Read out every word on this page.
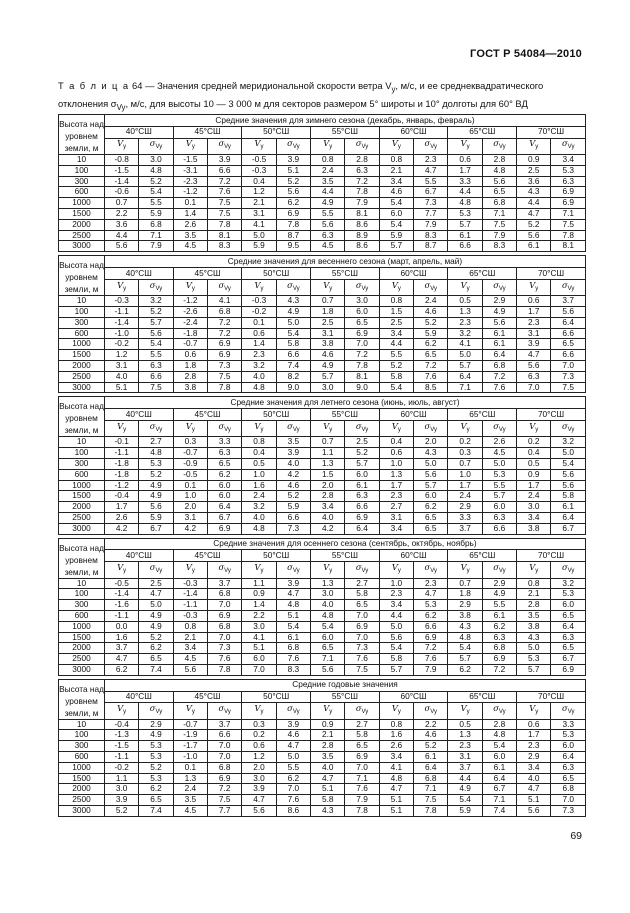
ГОСТ Р 54084—2010
Т а б л и ц а 64 — Значения средней меридиональной скорости ветра $V_y$, м/с, и ее среднеквадратического отклонения $\sigma_{Vy}$, м/с, для высоты 10 — 3 000 м для секторов размером 5° широты и 10° долготы для 60° ВД
Высота над уровнем земли, м	Средние значения для зимнего сезона (декабрь, январь, февраль)													
	40°СШ		45°СШ		50°СШ		55°СШ		60°СШ		65°СШ		70°СШ	
	$V_y$	$\sigma_{Vy}$	$V_y$	$\sigma_{Vy}$	$V_y$	$\sigma_{Vy}$	$V_y$	$\sigma_{Vy}$	$V_y$	$\sigma_{Vy}$	$V_y$	$\sigma_{Vy}$	$V_y$	$\sigma_{Vy}$
10	-0.8	3.0	-1.5	3.9	-0.5	3.9	0.8	2.8	0.8	2.3	0.6	2.8	0.9	3.4
100	-1.5	4.8	-3.1	6.6	-0.3	5.1	2.4	6.3	2.1	4.7	1.7	4.8	2.5	5.3
300	-1.4	5.2	-2.3	7.2	0.4	5.2	3.5	7.2	3.4	5.5	3.3	5.6	3.6	6.3
600	-0.6	5.4	-1.2	7.6	1.2	5.6	4.4	7.8	4.6	6.7	4.4	6.5	4.3	6.9
1000	0.7	5.5	0.1	7.5	2.1	6.2	4.9	7.9	5.4	7.3	4.8	6.8	4.4	6.9
1500	2.2	5.9	1.4	7.5	3.1	6.9	5.5	8.1	6.0	7.7	5.3	7.1	4.7	7.1
2000	3.6	6.8	2.6	7.8	4.1	7.8	5.6	8.6	5.4	7.9	5.7	7.5	5.2	7.5
2500	4.4	7.1	3.5	8.1	5.0	8.7	6.3	8.9	5.9	8.3	6.1	7.9	5.6	7.8
3000	5.6	7.9	4.5	8.3	5.9	9.5	4.5	8.6	5.7	8.7	6.6	8.3	6.1	8.1
Высота над уровнем земли, м	Средние значения для весеннего сезона (март, апрель, май)													
	40°СШ		45°СШ		50°СШ		55°СШ		60°СШ		65°СШ		70°СШ	
	$V_y$	$\sigma_{Vy}$	$V_y$	$\sigma_{Vy}$	$V_y$	$\sigma_{Vy}$	$V_y$	$\sigma_{Vy}$	$V_y$	$\sigma_{Vy}$	$V_y$	$\sigma_{Vy}$	$V_y$	$\sigma_{Vy}$
10	-0.3	3.2	-1.2	4.1	-0.3	4.3	0.7	3.0	0.8	2.4	0.5	2.9	0.6	3.7
100	-1.1	5.2	-2.6	6.8	-0.2	4.9	1.8	6.0	1.5	4.6	1.3	4.9	1.7	5.6
300	-1.4	5.7	-2.4	7.2	0.1	5.0	2.5	6.5	2.5	5.2	2.3	5.6	2.3	6.4
600	-1.0	5.6	-1.8	7.2	0.6	5.4	3.1	6.9	3.4	5.9	3.2	6.1	3.1	6.6
1000	-0.2	5.4	-0.7	6.9	1.4	5.8	3.8	7.0	4.4	6.2	4.1	6.1	3.9	6.5
1500	1.2	5.5	0.6	6.9	2.3	6.6	4.6	7.2	5.5	6.5	5.0	6.4	4.7	6.6
2000	3.1	6.3	1.8	7.3	3.2	7.4	4.9	7.8	5.2	7.2	5.7	6.8	5.6	7.0
2500	4.0	6.6	2.8	7.5	4.0	8.2	5.7	8.1	5.8	7.6	6.4	7.2	6.3	7.3
3000	5.1	7.5	3.8	7.8	4.8	9.0	3.0	9.0	5.4	8.5	7.1	7.6	7.0	7.5
Высота над уровнем земли, м	Средние значения для летнего сезона (июнь, июль, август)													
	40°СШ		45°СШ		50°СШ		55°СШ		60°СШ		65°СШ		70°СШ	
	$V_y$	$\sigma_{Vy}$	$V_y$	$\sigma_{Vy}$	$V_y$	$\sigma_{Vy}$	$V_y$	$\sigma_{Vy}$	$V_y$	$\sigma_{Vy}$	$V_y$	$\sigma_{Vy}$	$V_y$	$\sigma_{Vy}$
10	-0.1	2.7	0.3	3.3	0.8	3.5	0.7	2.5	0.4	2.0	0.2	2.6	0.2	3.2
100	-1.1	4.8	-0.7	6.3	0.4	3.9	1.1	5.2	0.6	4.3	0.3	4.5	0.4	5.0
300	-1.8	5.3	-0.9	6.5	0.5	4.0	1.3	5.7	1.0	5.0	0.7	5.0	0.5	5.4
600	-1.8	5.2	-0.5	6.2	1.0	4.2	1.5	6.0	1.3	5.6	1.0	5.3	0.9	5.6
1000	-1.2	4.9	0.1	6.0	1.6	4.6	2.0	6.1	1.7	5.7	1.7	5.5	1.7	5.6
1500	-0.4	4.9	1.0	6.0	2.4	5.2	2.8	6.3	2.3	6.0	2.4	5.7	2.4	5.8
2000	1.7	5.6	2.0	6.4	3.2	5.9	3.4	6.6	2.7	6.2	2.9	6.0	3.0	6.1
2500	2.6	5.9	3.1	6.7	4.0	6.6	4.0	6.9	3.1	6.5	3.3	6.3	3.4	6.4
3000	4.2	6.7	4.2	6.9	4.8	7.3	4.2	6.4	3.4	6.5	3.7	6.6	3.8	6.7
Высота над уровнем земли, м	Средние значения для осеннего сезона (сентябрь, октябрь, ноябрь)													
	40°СШ		45°СШ		50°СШ		55°СШ		60°СШ		65°СШ		70°СШ	
	$V_y$	$\sigma_{Vy}$	$V_y$	$\sigma_{Vy}$	$V_y$	$\sigma_{Vy}$	$V_y$	$\sigma_{Vy}$	$V_y$	$\sigma_{Vy}$	$V_y$	$\sigma_{Vy}$	$V_y$	$\sigma_{Vy}$
10	-0.5	2.5	-0.3	3.7	1.1	3.9	1.3	2.7	1.0	2.3	0.7	2.9	0.8	3.2
100	-1.4	4.7	-1.4	6.8	0.9	4.7	3.0	5.8	2.3	4.7	1.8	4.9	2.1	5.3
300	-1.6	5.0	-1.1	7.0	1.4	4.8	4.0	6.5	3.4	5.3	2.9	5.5	2.8	6.0
600	-1.1	4.9	-0.3	6.9	2.2	5.1	4.8	7.0	4.4	6.2	3.8	6.1	3.5	6.5
1000	0.0	4.9	0.8	6.8	3.0	5.4	5.4	6.9	5.0	6.6	4.3	6.2	3.8	6.4
1500	1.6	5.2	2.1	7.0	4.1	6.1	6.0	7.0	5.6	6.9	4.8	6.3	4.3	6.3
2000	3.7	6.2	3.4	7.3	5.1	6.8	6.5	7.3	5.4	7.2	5.4	6.8	5.0	6.5
2500	4.7	6.5	4.5	7.6	6.0	7.6	7.1	7.6	5.8	7.6	5.7	6.9	5.3	6.7
3000	6.2	7.4	5.6	7.8	7.0	8.3	5.6	7.5	5.7	7.9	6.2	7.2	5.7	6.9
Высота над уровнем земли, м	Средние годовые значения													
	40°СШ		45°СШ		50°СШ		55°СШ		60°СШ		65°СШ		70°СШ	
	$V_y$	$\sigma_{Vy}$	$V_y$	$\sigma_{Vy}$	$V_y$	$\sigma_{Vy}$	$V_y$	$\sigma_{Vy}$	$V_y$	$\sigma_{Vy}$	$V_y$	$\sigma_{Vy}$	$V_y$	$\sigma_{Vy}$
10	-0.4	2.9	-0.7	3.7	0.3	3.9	0.9	2.7	0.8	2.2	0.5	2.8	0.6	3.3
100	-1.3	4.9	-1.9	6.6	0.2	4.6	2.1	5.8	1.6	4.6	1.3	4.8	1.7	5.3
300	-1.5	5.3	-1.7	7.0	0.6	4.7	2.8	6.5	2.6	5.2	2.3	5.4	2.3	6.0
600	-1.1	5.3	-1.0	7.0	1.2	5.0	3.5	6.9	3.4	6.1	3.1	6.0	2.9	6.4
1000	-0.2	5.2	0.1	6.8	2.0	5.5	4.0	7.0	4.1	6.4	3.7	6.1	3.4	6.3
1500	1.1	5.3	1.3	6.9	3.0	6.2	4.7	7.1	4.8	6.8	4.4	6.4	4.0	6.5
2000	3.0	6.2	2.4	7.2	3.9	7.0	5.1	7.6	4.7	7.1	4.9	6.7	4.7	6.8
2500	3.9	6.5	3.5	7.5	4.7	7.6	5.8	7.9	5.1	7.5	5.4	7.1	5.1	7.0
3000	5.2	7.4	4.5	7.7	5.6	8.6	4.3	7.8	5.1	7.8	5.9	7.4	5.6	7.3
69
